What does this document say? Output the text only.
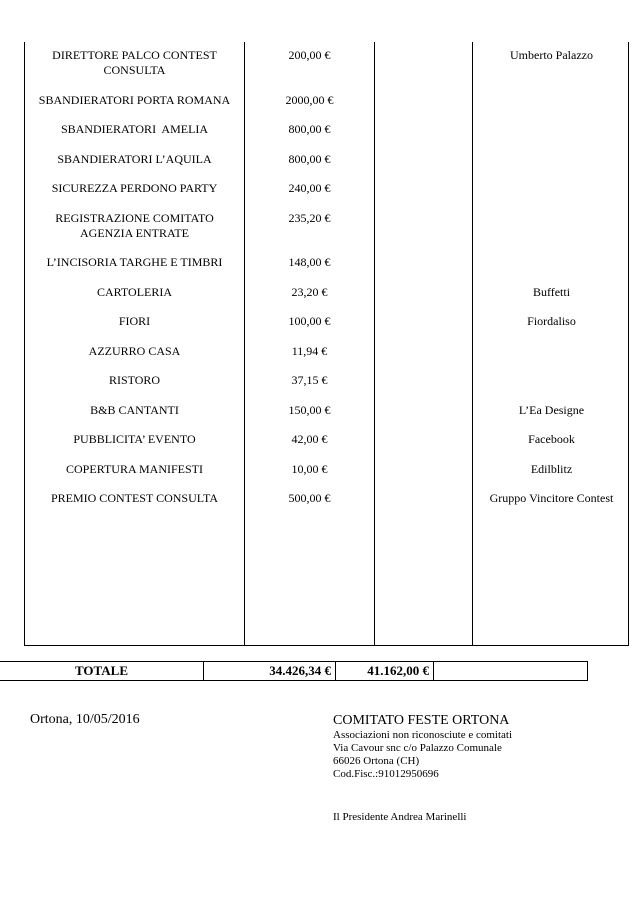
DIRETTORE PALCO CONTEST
CONSULTA
200,00 €	Umberto Palazzo
SBANDIERATORI PORTA ROMANA	2000,00 €
SBANDIERATORI  AMELIA	800,00 €
SBANDIERATORI L’AQUILA	800,00 €
SICUREZZA PERDONO PARTY	240,00 €
REGISTRAZIONE COMITATO
AGENZIA ENTRATE
235,20 €
L’INCISORIA TARGHE E TIMBRI	148,00 €
CARTOLERIA	23,20 €	Buffetti
FIORI	100,00 €	Fiordaliso
AZZURRO CASA	11,94 €
RISTORO	37,15 €
B&B CANTANTI	150,00 €	L’Ea Designe
PUBBLICITA’ EVENTO	42,00 €	Facebook
COPERTURA MANIFESTI	10,00 €	Edilblitz
PREMIO CONTEST CONSULTA	500,00 €	Gruppo Vincitore Contest
TOTALE	34.426,34 €	41.162,00 €
Ortona, 10/05/2016	COMITATO FESTE ORTONA
Associazioni non riconosciute e comitati
Via Cavour snc c/o Palazzo Comunale
66026 Ortona (CH)
Cod.Fisc.:91012950696
Il Presidente Andrea Marinelli
